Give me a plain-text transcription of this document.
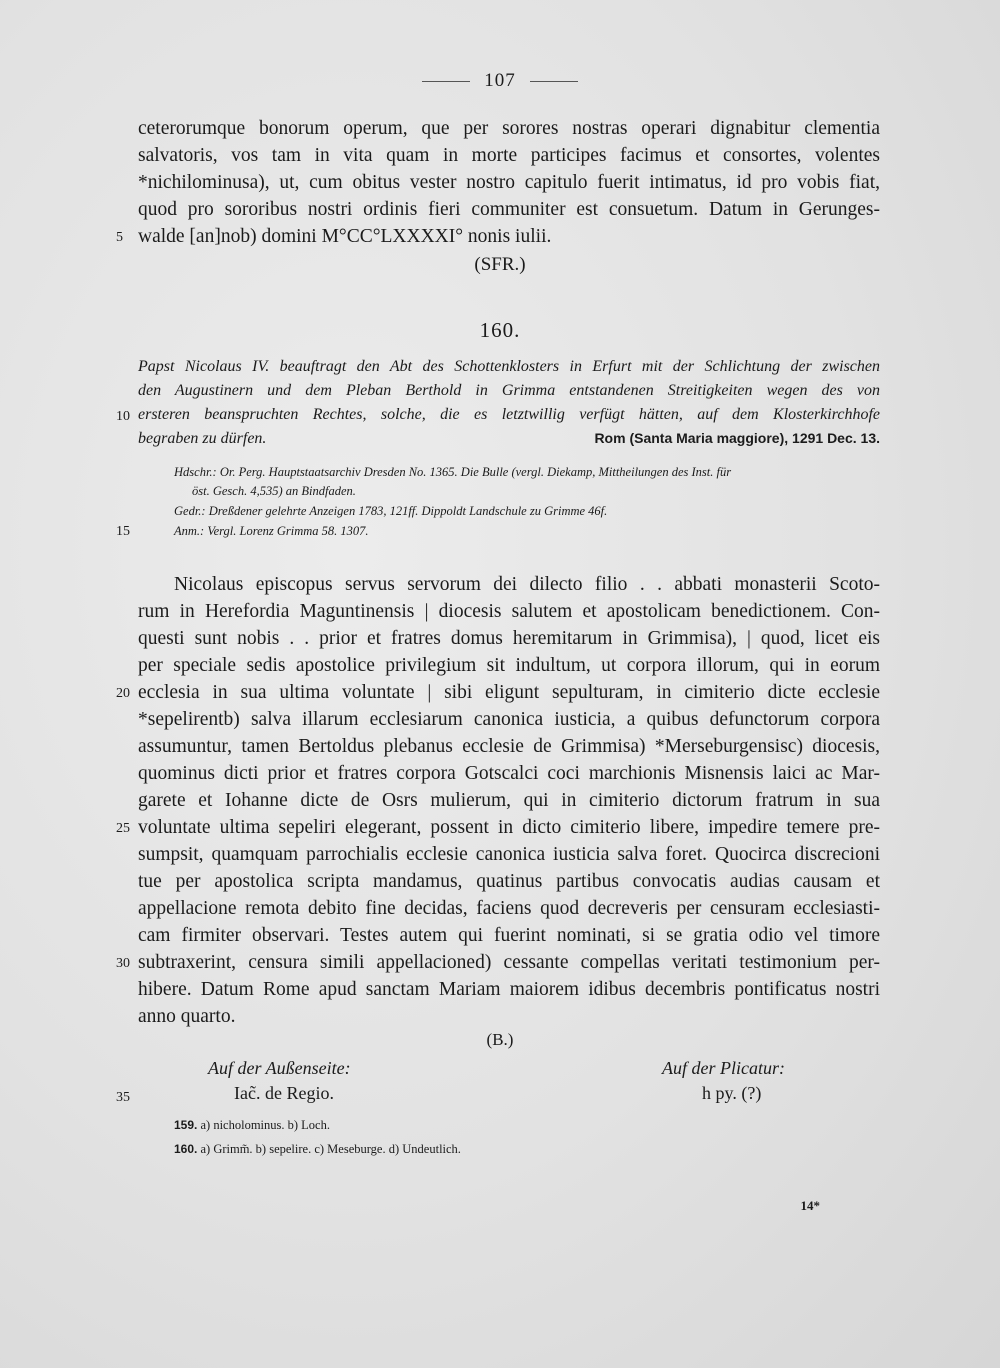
107
ceterorumque bonorum operum, que per sorores nostras operari dignabitur clementia
salvatoris, vos tam in vita quam in morte participes facimus et consortes, volentes
*nichilominusa), ut, cum obitus vester nostro capitulo fuerit intimatus, id pro vobis fiat,
quod pro sororibus nostri ordinis fieri communiter est consuetum. Datum in Gerunges-
5 walde [an]nob) domini M°CC°LXXXXI° nonis iulii.
(SFR.)
160.
Papst Nicolaus IV. beauftragt den Abt des Schottenklosters in Erfurt mit der Schlichtung der zwischen
den Augustinern und dem Pleban Berthold in Grimma entstandenen Streitigkeiten wegen des von
10 ersteren beanspruchten Rechtes, solche, die es letztwillig verfügt hätten, auf dem Klosterkirchhofe
begraben zu dürfen.	Rom (Santa Maria maggiore), 1291 Dec. 13.
Hdschr.: Or. Perg. Hauptstaatsarchiv Dresden No. 1365. Die Bulle (vergl. Diekamp, Mittheilungen des Inst. für
öst. Gesch. 4,535) an Bindfaden.
Gedr.: Dreßdener gelehrte Anzeigen 1783, 121ff. Dippoldt Landschule zu Grimme 46f.
15	Anm.: Vergl. Lorenz Grimma 58. 1307.
Nicolaus episcopus servus servorum dei dilecto filio . . abbati monasterii Scoto-
rum in Herefordia Maguntinensis | diocesis salutem et apostolicam benedictionem. Con-
questi sunt nobis . . prior et fratres domus heremitarum in Grimmisa), | quod, licet eis
per speciale sedis apostolice privilegium sit indultum, ut corpora illorum, qui in eorum
20 ecclesia in sua ultima voluntate | sibi eligunt sepulturam, in cimiterio dicte ecclesie
*sepelirentb) salva illarum ecclesiarum canonica iusticia, a quibus defunctorum corpora
assumuntur, tamen Bertoldus plebanus ecclesie de Grimmisa) *Merseburgensisc) diocesis,
quominus dicti prior et fratres corpora Gotscalci coci marchionis Misnensis laici ac Mar-
garete et Iohanne dicte de Osrs mulierum, qui in cimiterio dictorum fratrum in sua
25 voluntate ultima sepeliri elegerant, possent in dicto cimiterio libere, impedire temere pre-
sumpsit, quamquam parrochialis ecclesie canonica iusticia salva foret. Quocirca discrecioni
tue per apostolica scripta mandamus, quatinus partibus convocatis audias causam et
appellacione remota debito fine decidas, faciens quod decreveris per censuram ecclesiasti-
cam firmiter observari. Testes autem qui fuerint nominati, si se gratia odio vel timore
30 subtraxerint, censura simili appellacioned) cessante compellas veritati testimonium per-
hibere. Datum Rome apud sanctam Mariam maiorem idibus decembris pontificatus nostri
anno quarto.
(B.)
Auf der Außenseite:
Iac̃. de Regio.
35
Auf der Plicatur:
h py. (?)
159. a) nicholominus. b) Loch.
160. a) Grimm̃. b) sepelire. c) Meseburge. d) Undeutlich.
14*
